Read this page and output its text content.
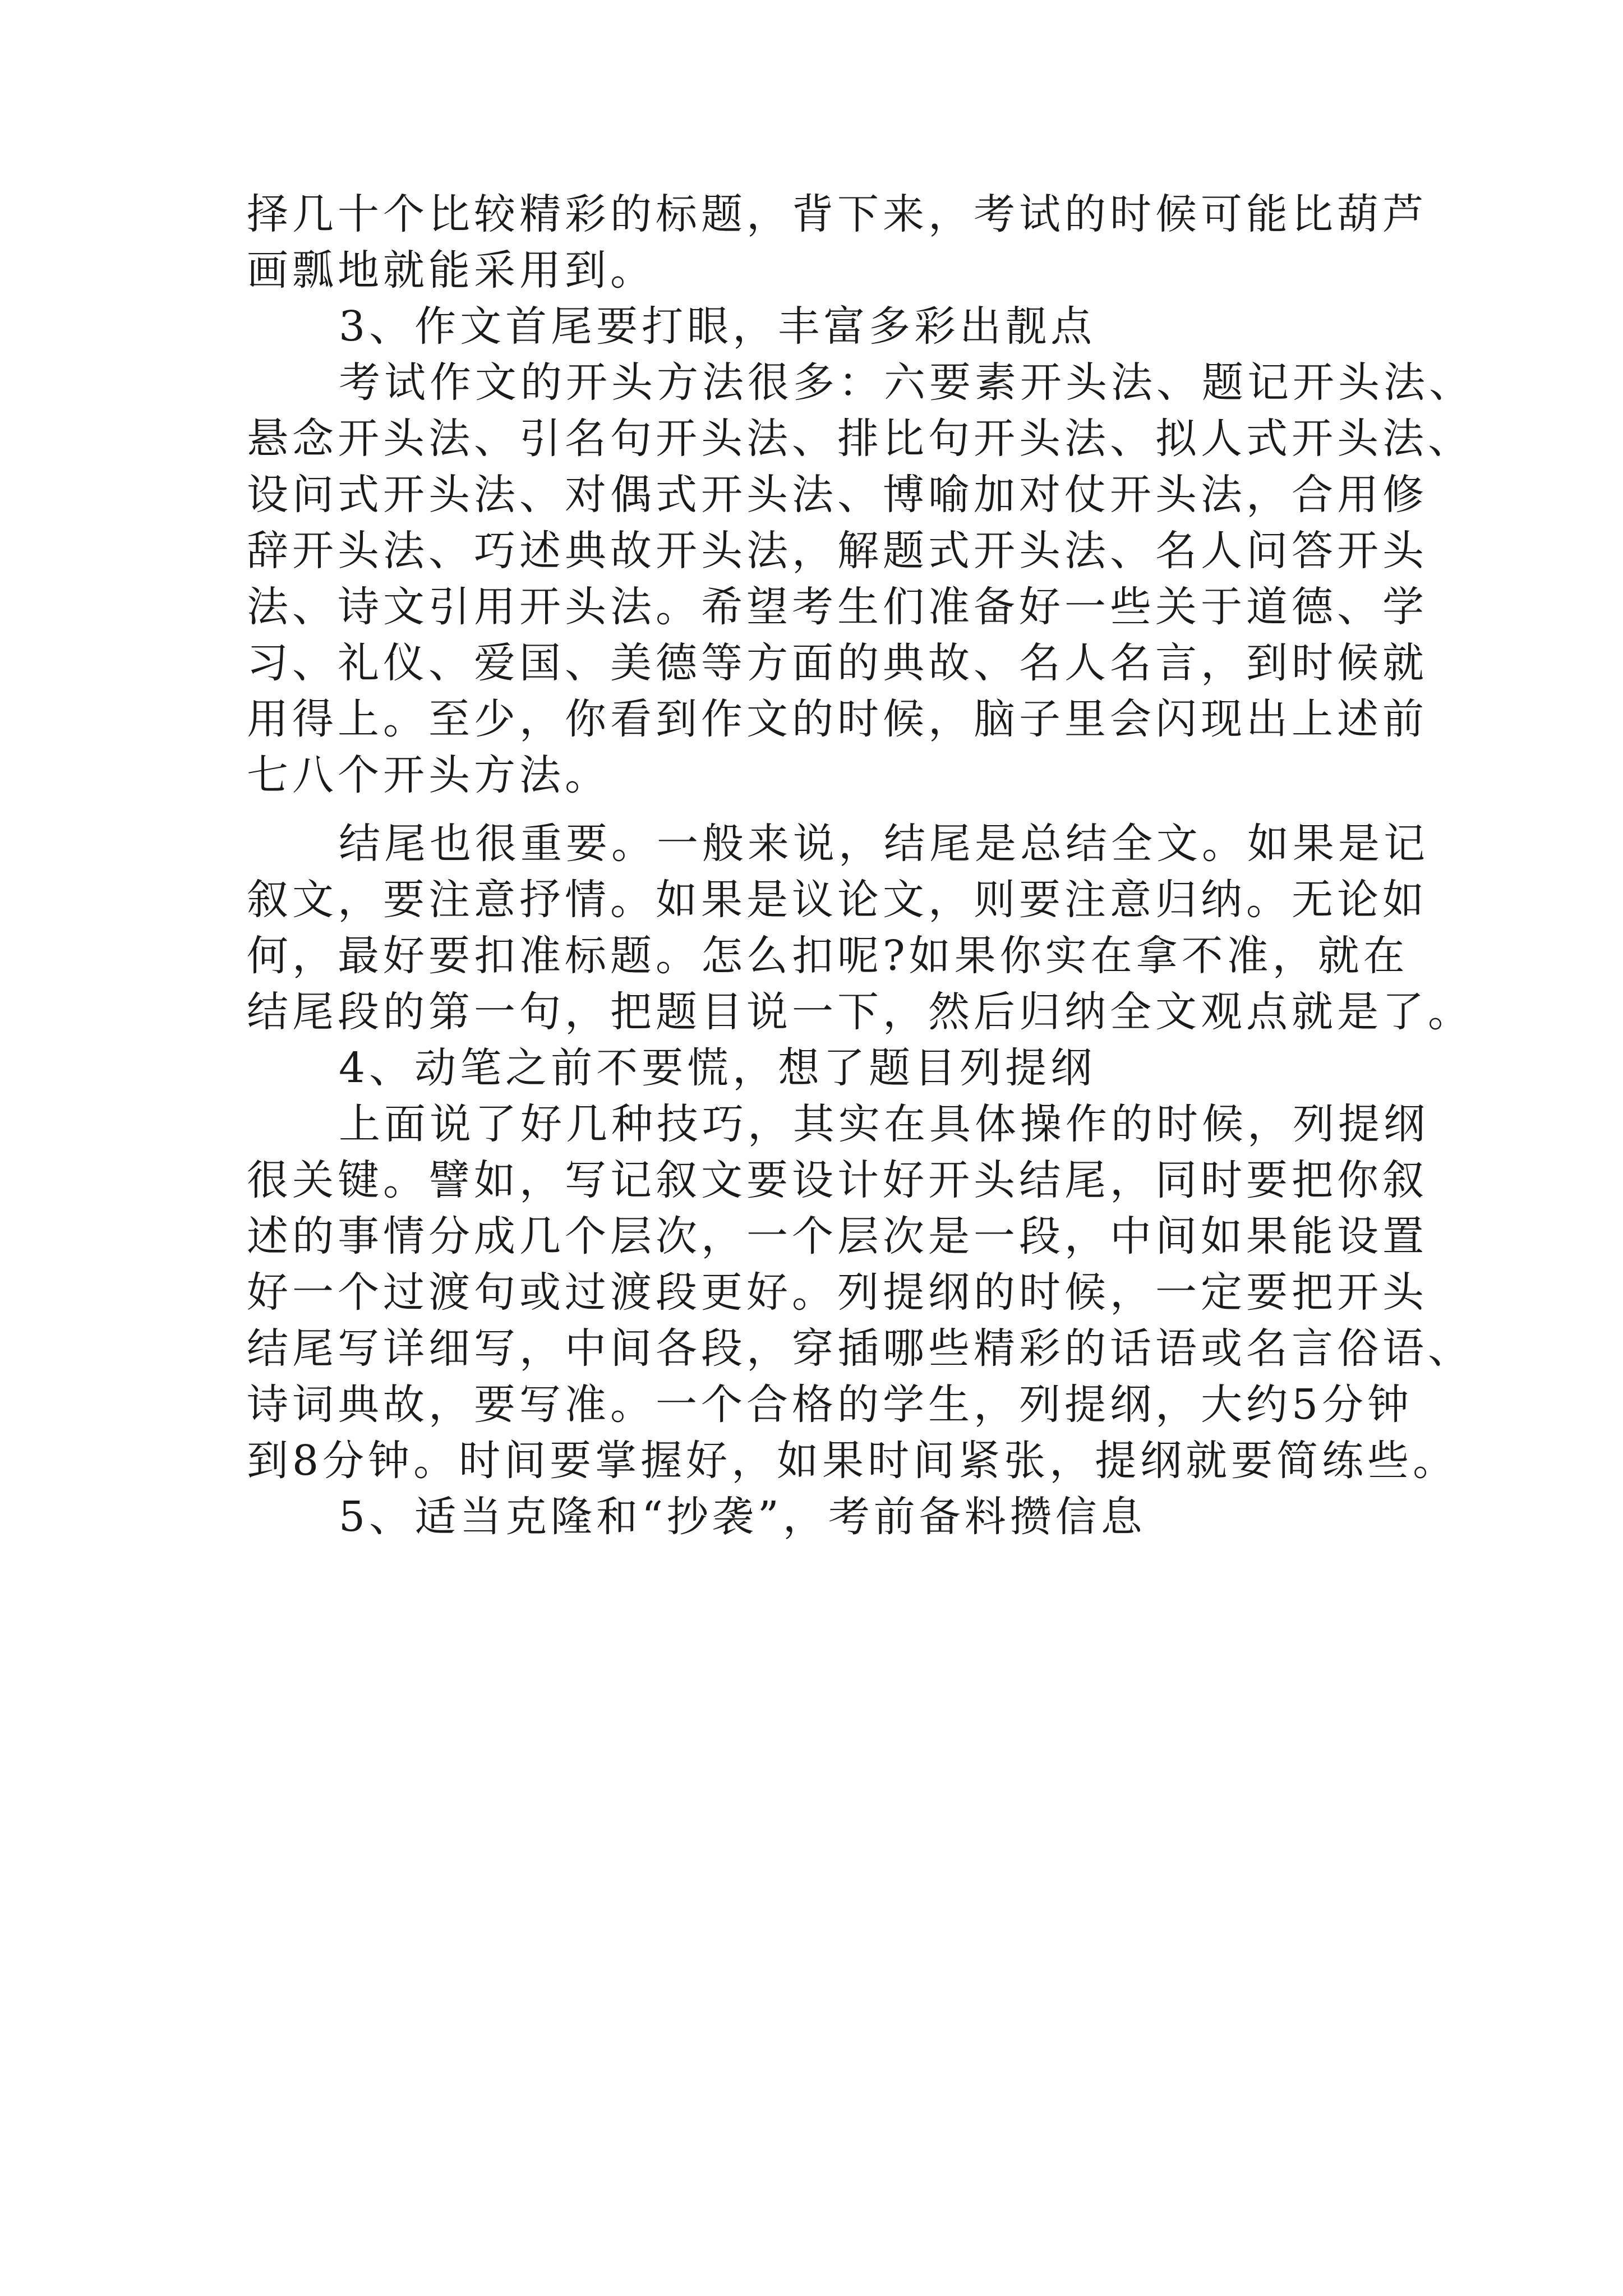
择几十个比较精彩的标题，背下来，考试的时候可能比葫芦
画瓢地就能采用到。
3、作文首尾要打眼，丰富多彩出靓点
考试作文的开头方法很多：六要素开头法、题记开头法、
悬念开头法、引名句开头法、排比句开头法、拟人式开头法、
设问式开头法、对偶式开头法、博喻加对仗开头法，合用修
辞开头法、巧述典故开头法，解题式开头法、名人问答开头
法、诗文引用开头法。希望考生们准备好一些关于道德、学
习、礼仪、爱国、美德等方面的典故、名人名言，到时候就
用得上。至少，你看到作文的时候，脑子里会闪现出上述前
七八个开头方法。
结尾也很重要。一般来说，结尾是总结全文。如果是记
叙文，要注意抒情。如果是议论文，则要注意归纳。无论如
何，最好要扣准标题。怎么扣呢?如果你实在拿不准，就在
结尾段的第一句，把题目说一下，然后归纳全文观点就是了。
4、动笔之前不要慌，想了题目列提纲
上面说了好几种技巧，其实在具体操作的时候，列提纲
很关键。譬如，写记叙文要设计好开头结尾，同时要把你叙
述的事情分成几个层次，一个层次是一段，中间如果能设置
好一个过渡句或过渡段更好。列提纲的时候，一定要把开头
结尾写详细写，中间各段，穿插哪些精彩的话语或名言俗语、
诗词典故，要写准。一个合格的学生，列提纲，大约5分钟
到8分钟。时间要掌握好，如果时间紧张，提纲就要简练些。
5、适当克隆和“抄袭”，考前备料攒信息
